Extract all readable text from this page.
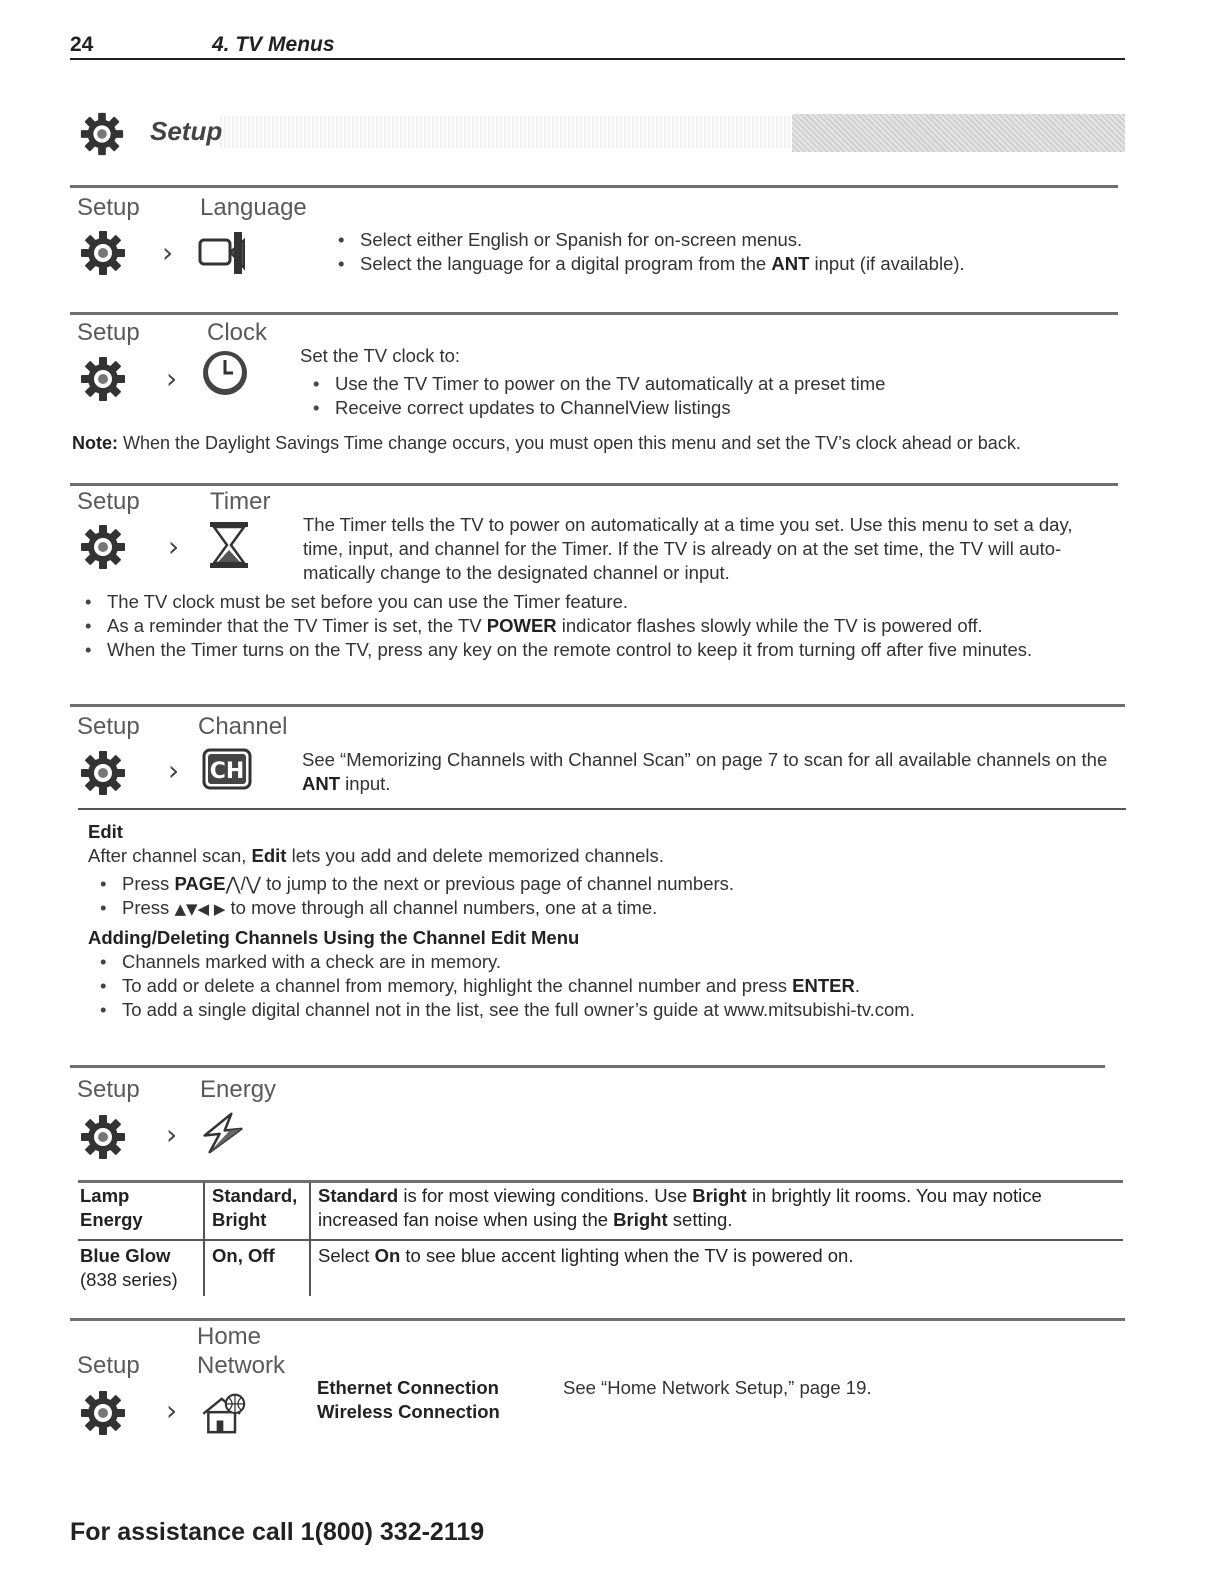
24	4. TV Menus
Setup
Setup	Language
›
•	Select either English or Spanish for on-screen menus.
• Select the language for a digital program from the ANT input (if available).
Setup	Clock
›
Set the TV clock to:
• Use the TV Timer to power on the TV automatically at a preset time
• Receive correct updates to ChannelView listings
Note: When the Daylight Savings Time change occurs, you must open this menu and set the TV’s clock ahead or back.
Setup	Timer
›
The Timer tells the TV to power on automatically at a time you set. Use this menu to set a day, time, input, and channel for the Timer. If the TV is already on at the set time, the TV will auto-matically change to the designated channel or input.
• The TV clock must be set before you can use the Timer feature.
• As a reminder that the TV Timer is set, the TV POWER indicator flashes slowly while the TV is powered off.
• When the Timer turns on the TV, press any key on the remote control to keep it from turning off after five minutes.
Setup Channel
› CH	See “Memorizing Channels with Channel Scan” on page 7 to scan for all available channels on the ANT input.
Edit
After channel scan, Edit lets you add and delete memorized channels.
• Press PAGE⋀/⋁ to jump to the next or previous page of channel numbers.
• Press ▲▼◀ ▶ to move through all channel numbers, one at a time.
Adding/Deleting Channels Using the Channel Edit Menu
• Channels marked with a check are in memory.
• To add or delete a channel from memory, highlight the channel number and press ENTER.
• To add a single digital channel not in the list, see the full owner’s guide at www.mitsubishi-tv.com.
Setup	Energy
›
Lamp
Energy
Standard,
Bright
Standard is for most viewing conditions. Use Bright in brightly lit rooms. You may notice increased fan noise when using the Bright setting.
Blue Glow
(838 series)
On, Off Select On to see blue accent lighting when the TV is powered on.
Home
Setup Network
›
Ethernet Connection
Wireless Connection
See “Home Network Setup,” page 19.
For assistance call 1(800) 332-2119
